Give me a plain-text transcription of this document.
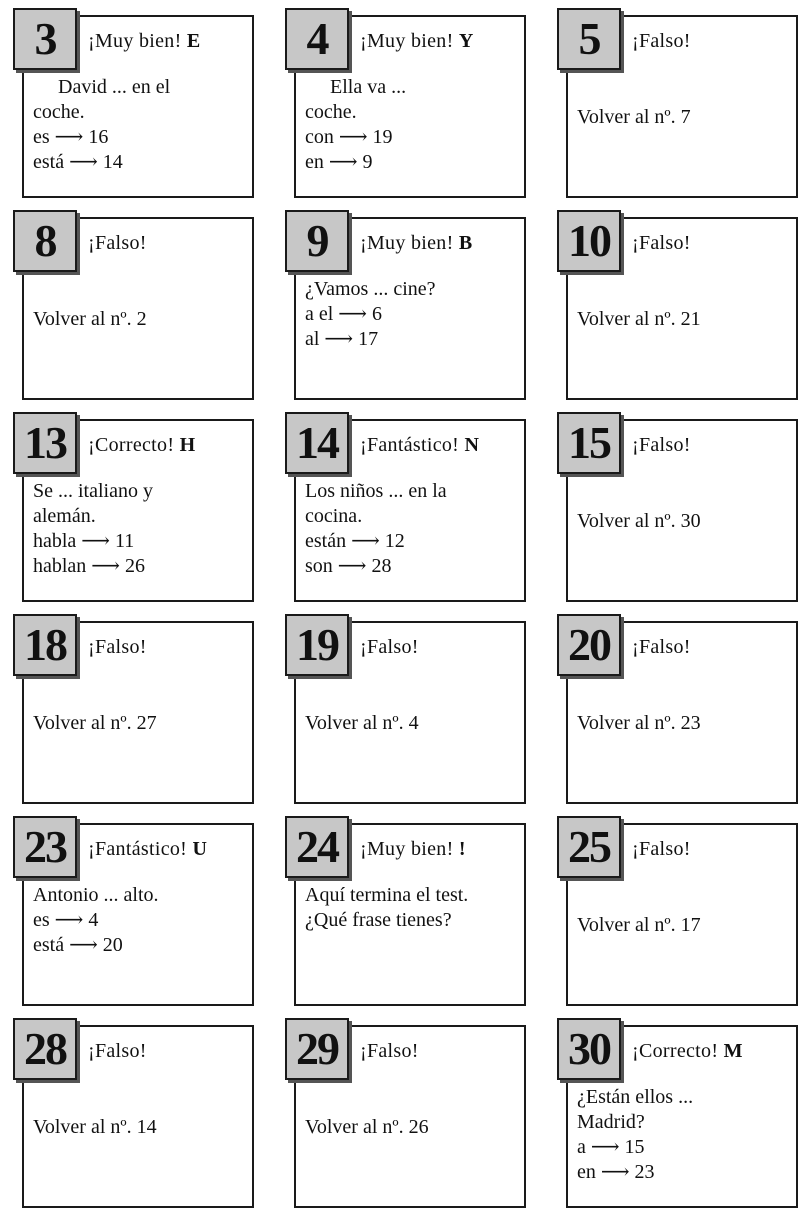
3	¡Muy bien! E
David ... en el
coche.
es ⟶ 16
está ⟶ 14
4	¡Muy bien! Y
Ella va ...
coche.
con ⟶ 19
en ⟶ 9
5	¡Falso!
Volver al nº. 7
8	¡Falso!
Volver al nº. 2
9	¡Muy bien! B
¿Vamos ... cine?
a el ⟶ 6
al ⟶ 17
10	¡Falso!
Volver al nº. 21
13	¡Correcto! H
Se ... italiano y
alemán.
habla ⟶ 11
hablan ⟶ 26
14	¡Fantástico! N
Los niños ... en la
cocina.
están ⟶ 12
son ⟶ 28
15	¡Falso!
Volver al nº. 30
18	¡Falso!
Volver al nº. 27
19	¡Falso!
Volver al nº. 4
20	¡Falso!
Volver al nº. 23
23	¡Fantástico! U
Antonio ... alto.
es ⟶ 4
está ⟶ 20
24	¡Muy bien! !
Aquí termina el test.
¿Qué frase tienes?
25	¡Falso!
Volver al nº. 17
28	¡Falso!
Volver al nº. 14
29	¡Falso!
Volver al nº. 26
30	¡Correcto! M
¿Están ellos ...
Madrid?
a ⟶ 15
en ⟶ 23
